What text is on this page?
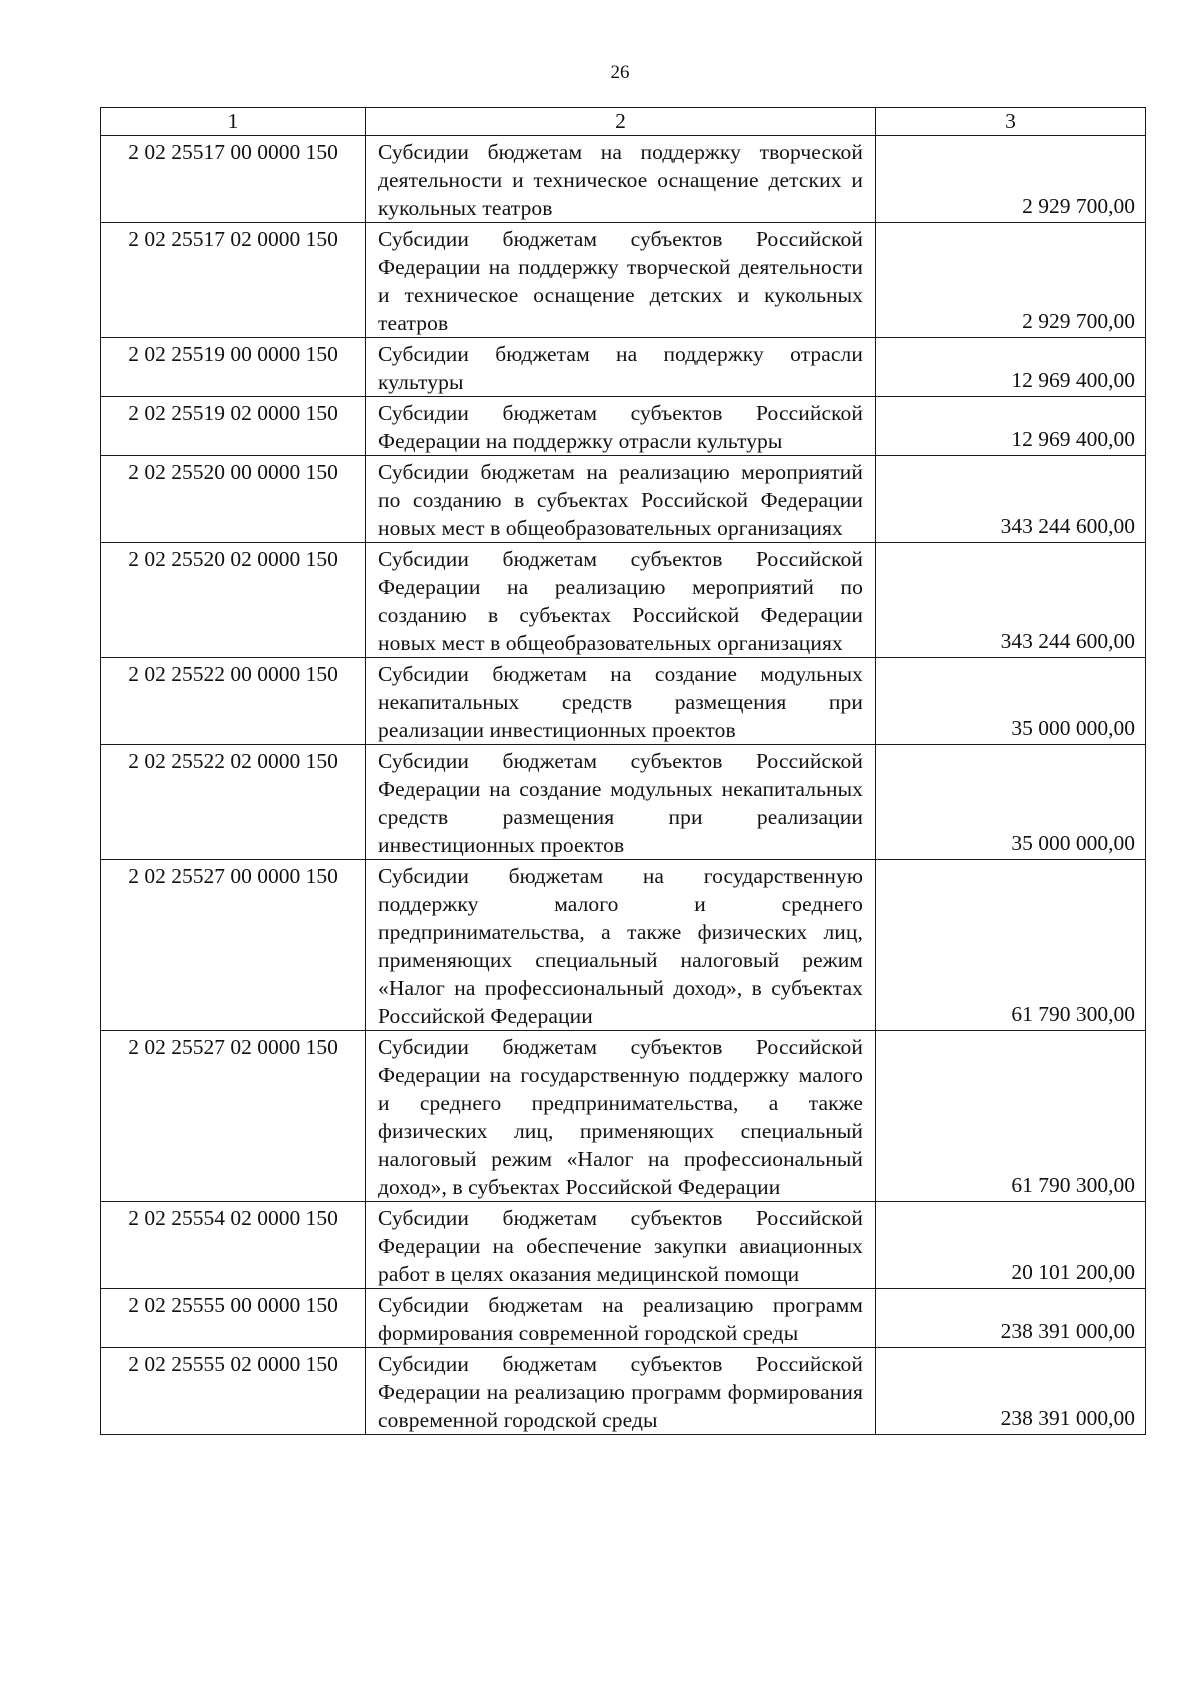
26
1	2	3
2 02 25517 00 0000 150	Субсидии бюджетам на поддержку творческой деятельности и техническое оснащение детских и кукольных театров	2 929 700,00
2 02 25517 02 0000 150	Субсидии бюджетам субъектов Российской Федерации на поддержку творческой деятельности и техническое оснащение детских и кукольных театров	2 929 700,00
2 02 25519 00 0000 150	Субсидии бюджетам на поддержку отрасли культуры	12 969 400,00
2 02 25519 02 0000 150	Субсидии бюджетам субъектов Российской Федерации на поддержку отрасли культуры	12 969 400,00
2 02 25520 00 0000 150	Субсидии бюджетам на реализацию мероприятий по созданию в субъектах Российской Федерации новых мест в общеобразовательных организациях	343 244 600,00
2 02 25520 02 0000 150	Субсидии бюджетам субъектов Российской Федерации на реализацию мероприятий по созданию в субъектах Российской Федерации новых мест в общеобразовательных организациях	343 244 600,00
2 02 25522 00 0000 150	Субсидии бюджетам на создание модульных некапитальных средств размещения при реализации инвестиционных проектов	35 000 000,00
2 02 25522 02 0000 150	Субсидии бюджетам субъектов Российской Федерации на создание модульных некапитальных средств размещения при реализации инвестиционных проектов	35 000 000,00
2 02 25527 00 0000 150	Субсидии бюджетам на государственную поддержку малого и среднего предпринимательства, а также физических лиц, применяющих специальный налоговый режим «Налог на профессиональный доход», в субъектах Российской Федерации	61 790 300,00
2 02 25527 02 0000 150	Субсидии бюджетам субъектов Российской Федерации на государственную поддержку малого и среднего предпринимательства, а также физических лиц, применяющих специальный налоговый режим «Налог на профессиональный доход», в субъектах Российской Федерации	61 790 300,00
2 02 25554 02 0000 150	Субсидии бюджетам субъектов Российской Федерации на обеспечение закупки авиационных работ в целях оказания медицинской помощи	20 101 200,00
2 02 25555 00 0000 150	Субсидии бюджетам на реализацию программ формирования современной городской среды	238 391 000,00
2 02 25555 02 0000 150	Субсидии бюджетам субъектов Российской Федерации на реализацию программ формирования современной городской среды	238 391 000,00
